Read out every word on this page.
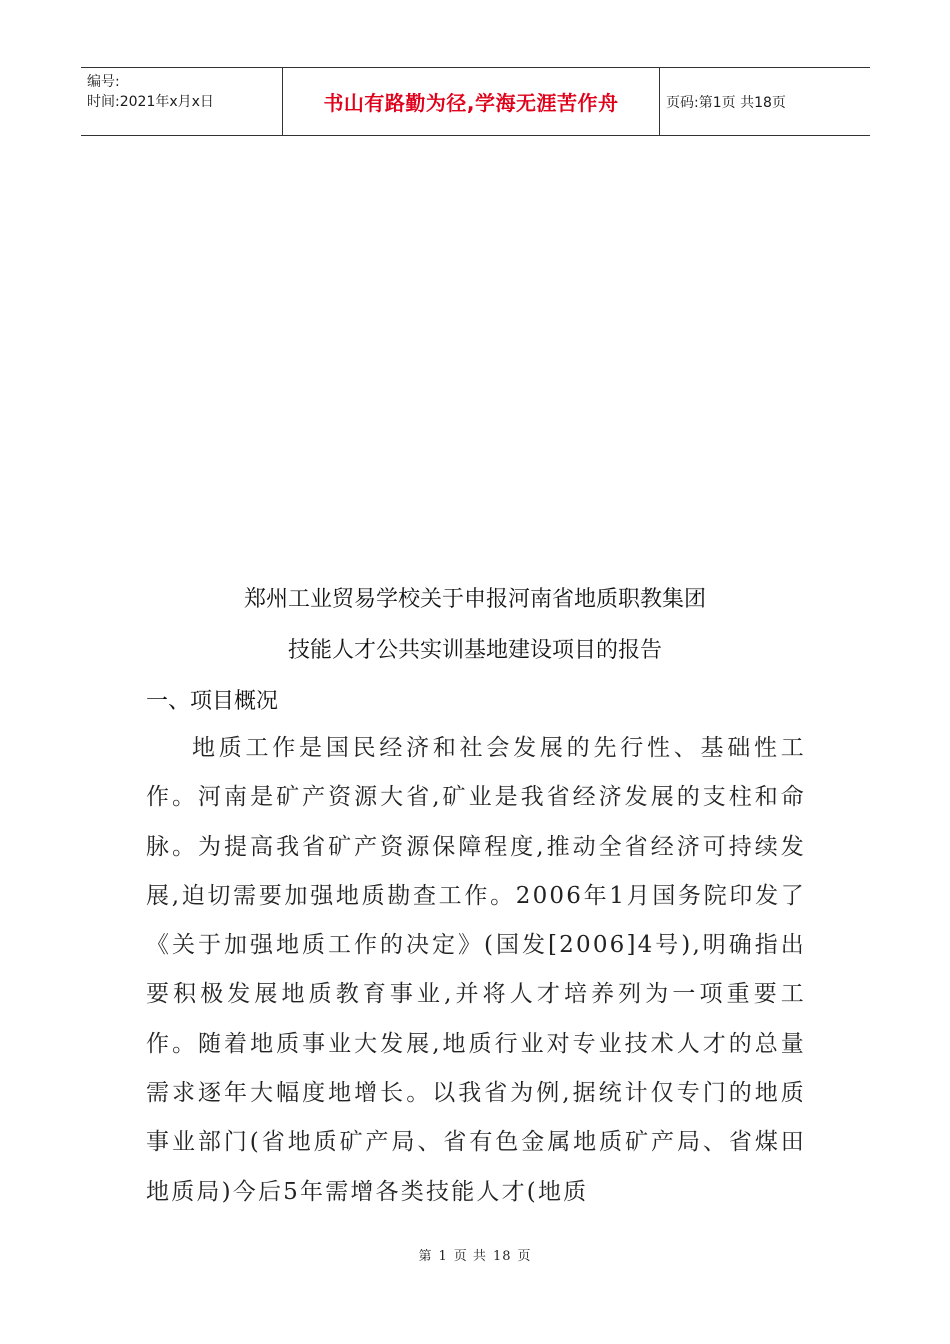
编号:
时间:2021年x月x日	书山有路勤为径,学海无涯苦作舟	页码:第1页 共18页
郑州工业贸易学校关于申报河南省地质职教集团
技能人才公共实训基地建设项目的报告
一、项目概况

地质工作是国民经济和社会发展的先行性、基础性工作。河南是矿产资源大省,矿业是我省经济发展的支柱和命脉。为提高我省矿产资源保障程度,推动全省经济可持续发展,迫切需要加强地质勘查工作。2006年1月国务院印发了《关于加强地质工作的决定》(国发[2006]4号),明确指出要积极发展地质教育事业,并将人才培养列为一项重要工作。随着地质事业大发展,地质行业对专业技术人才的总量需求逐年大幅度地增长。以我省为例,据统计仅专门的地质事业部门(省地质矿产局、省有色金属地质矿产局、省煤田地质局)今后5年需增各类技能人才(地质

第 1 页 共 18 页
